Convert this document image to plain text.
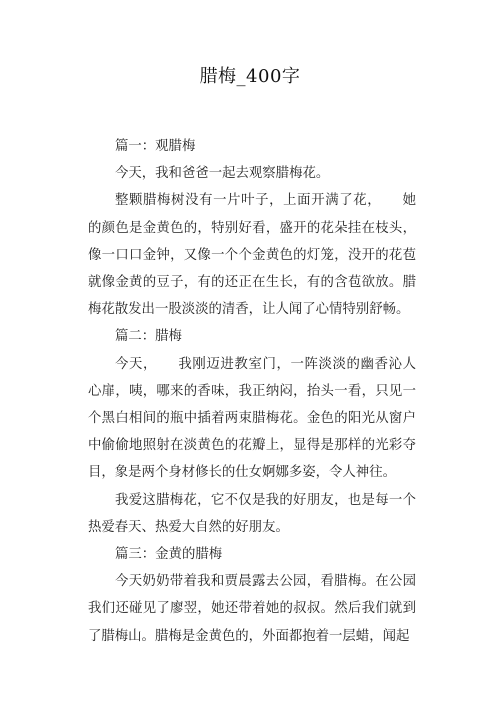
腊梅_400字

篇一：观腊梅

今天，我和爸爸一起去观察腊梅花。

整颗腊梅树没有一片叶子，上面开满了花，　　她的颜色是金黄色的，特别好看，盛开的花朵挂在枝头，像一口口金钟，又像一个个金黄色的灯笼，没开的花苞就像金黄的豆子，有的还正在生长，有的含苞欲放。腊梅花散发出一股淡淡的清香，让人闻了心情特别舒畅。

篇二：腊梅

今天，　　我刚迈进教室门，一阵淡淡的幽香沁人心扉，咦，哪来的香味，我正纳闷，抬头一看，只见一个黑白相间的瓶中插着两束腊梅花。金色的阳光从窗户中偷偷地照射在淡黄色的花瓣上，显得是那样的光彩夺目，象是两个身材修长的仕女婀娜多姿，令人神往。

我爱这腊梅花，它不仅是我的好朋友，也是每一个热爱春天、热爱大自然的好朋友。

篇三：金黄的腊梅

今天奶奶带着我和贾晨露去公园，看腊梅。在公园我们还碰见了廖翌，她还带着她的叔叔。然后我们就到了腊梅山。腊梅是金黄色的，外面都抱着一层蜡，闻起
